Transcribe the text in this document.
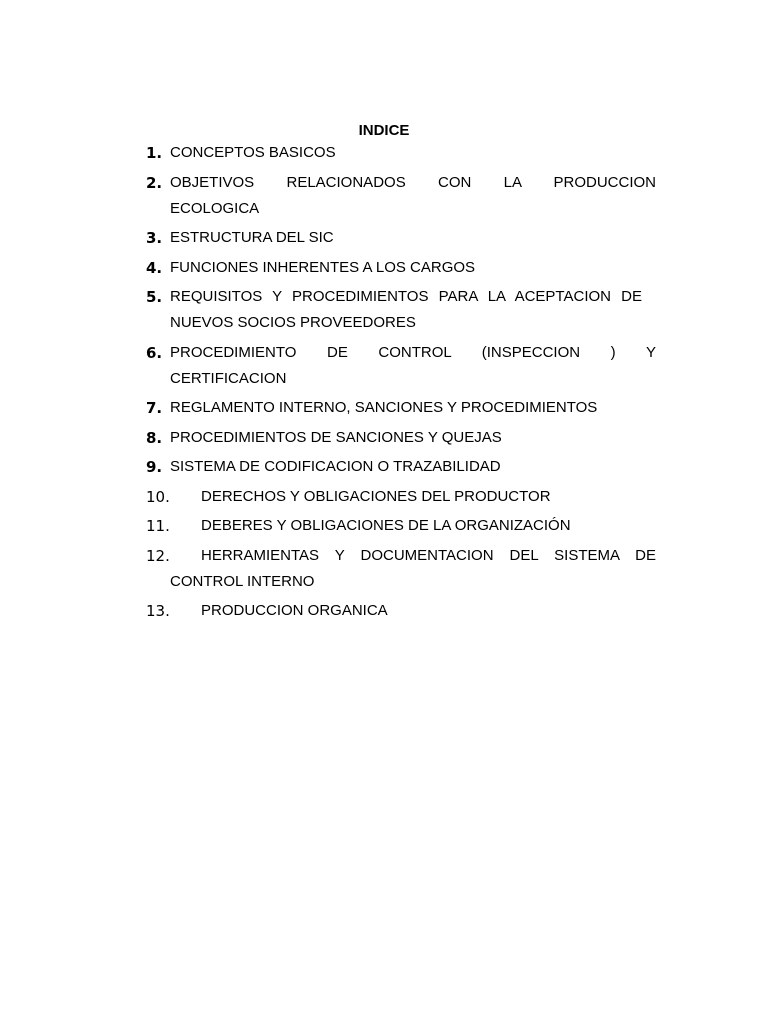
INDICE
1. CONCEPTOS BASICOS
2. OBJETIVOS RELACIONADOS CON LA PRODUCCION
ECOLOGICA
3. ESTRUCTURA DEL SIC
4. FUNCIONES INHERENTES A LOS CARGOS
5. REQUISITOS Y PROCEDIMIENTOS PARA LA ACEPTACION DE
NUEVOS SOCIOS PROVEEDORES
6. PROCEDIMIENTO DE CONTROL (INSPECCION ) Y
CERTIFICACION
7. REGLAMENTO INTERNO, SANCIONES Y PROCEDIMIENTOS
8. PROCEDIMIENTOS DE SANCIONES Y QUEJAS
9. SISTEMA DE CODIFICACION O TRAZABILIDAD
10. DERECHOS Y OBLIGACIONES DEL PRODUCTOR
11. DEBERES Y OBLIGACIONES DE LA ORGANIZACIÓN
12. HERRAMIENTAS Y DOCUMENTACION DEL SISTEMA DE
CONTROL INTERNO
13. PRODUCCION ORGANICA
